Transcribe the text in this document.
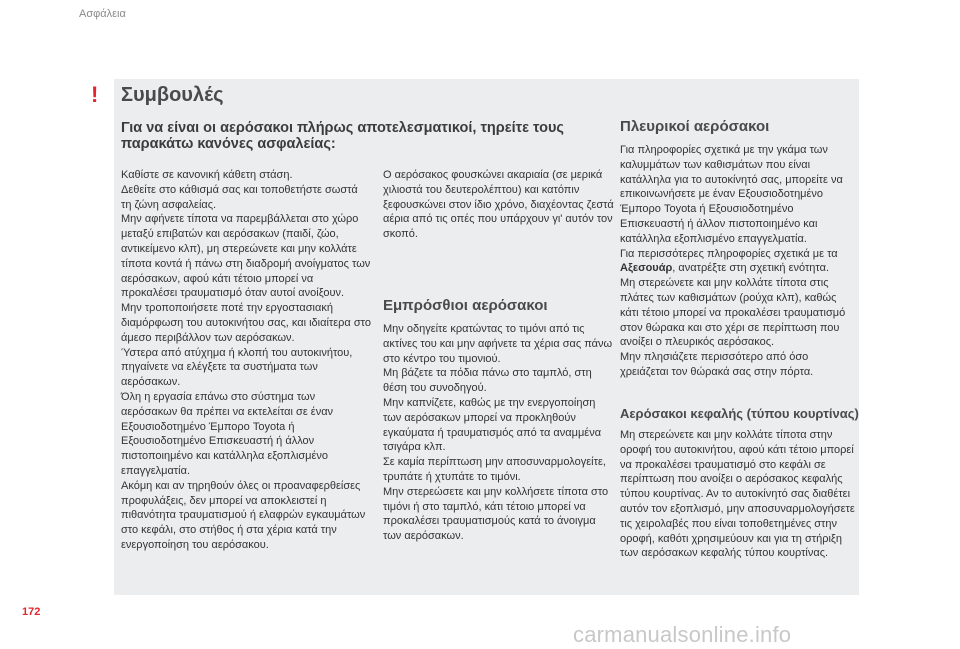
Ασφάλεια
! Συμβουλές
Για να είναι οι αερόσακοι πλήρως αποτελεσματικοί, τηρείτε τους παρακάτω κανόνες ασφαλείας:

Καθίστε σε κανονική κάθετη στάση.

Δεθείτε στο κάθισμά σας και τοποθετήστε σωστά τη ζώνη ασφαλείας.

Μην αφήνετε τίποτα να παρεμβάλλεται στο χώρο μεταξύ επιβατών και αερόσακων (παιδί, ζώο, αντικείμενο κλπ), μη στερεώνετε και μην κολλάτε τίποτα κοντά ή πάνω στη διαδρομή ανοίγματος των αερόσακων, αφού κάτι τέτοιο μπορεί να προκαλέσει τραυματισμό όταν αυτοί ανοίξουν.

Μην τροποποιήσετε ποτέ την εργοστασιακή διαμόρφωση του αυτοκινήτου σας, και ιδιαίτερα στο άμεσο περιβάλλον των αερόσακων.

Ύστερα από ατύχημα ή κλοπή του αυτοκινήτου, πηγαίνετε να ελέγξετε τα συστήματα των αερόσακων.

Όλη η εργασία επάνω στο σύστημα των αερόσακων θα πρέπει να εκτελείται σε έναν Εξουσιοδοτημένο Έμπορο Toyota ή Εξουσιοδοτημένο Επισκευαστή ή άλλον πιστοποιημένο και κατάλληλα εξοπλισμένο επαγγελματία.

Ακόμη και αν τηρηθούν όλες οι προαναφερθείσες προφυλάξεις, δεν μπορεί να αποκλειστεί η πιθανότητα τραυματισμού ή ελαφρών εγκαυμάτων στο κεφάλι, στο στήθος ή στα χέρια κατά την ενεργοποίηση του αερόσακου.

Ο αερόσακος φουσκώνει ακαριαία (σε μερικά χιλιοστά του δευτερολέπτου) και κατόπιν ξεφουσκώνει στον ίδιο χρόνο, διαχέοντας ζεστά αέρια από τις οπές που υπάρχουν γι' αυτόν τον σκοπό.

Εμπρόσθιοι αερόσακοι

Μην οδηγείτε κρατώντας το τιμόνι από τις ακτίνες του και μην αφήνετε τα χέρια σας πάνω στο κέντρο του τιμονιού.

Μη βάζετε τα πόδια πάνω στο ταμπλό, στη θέση του συνοδηγού.

Μην καπνίζετε, καθώς με την ενεργοποίηση των αερόσακων μπορεί να προκληθούν εγκαύματα ή τραυματισμός από τα αναμμένα τσιγάρα κλπ.

Σε καμία περίπτωση μην αποσυναρμολογείτε, τρυπάτε ή χτυπάτε το τιμόνι.

Μην στερεώσετε και μην κολλήσετε τίποτα στο τιμόνι ή στο ταμπλό, κάτι τέτοιο μπορεί να προκαλέσει τραυματισμούς κατά το άνοιγμα των αερόσακων.

Πλευρικοί αερόσακοι

Για πληροφορίες σχετικά με την γκάμα των καλυμμάτων των καθισμάτων που είναι κατάλληλα για το αυτοκίνητό σας, μπορείτε να επικοινωνήσετε με έναν Εξουσιοδοτημένο Έμπορο Toyota ή Εξουσιοδοτημένο Επισκευαστή ή άλλον πιστοποιημένο και κατάλληλα εξοπλισμένο επαγγελματία.

Για περισσότερες πληροφορίες σχετικά με τα Αξεσουάρ, ανατρέξτε στη σχετική ενότητα.

Μη στερεώνετε και μην κολλάτε τίποτα στις πλάτες των καθισμάτων (ρούχα κλπ), καθώς κάτι τέτοιο μπορεί να προκαλέσει τραυματισμό στον θώρακα και στο χέρι σε περίπτωση που ανοίξει ο πλευρικός αερόσακος.

Μην πλησιάζετε περισσότερο από όσο χρειάζεται τον θώρακά σας στην πόρτα.

Αερόσακοι κεφαλής (τύπου κουρτίνας)

Μη στερεώνετε και μην κολλάτε τίποτα στην οροφή του αυτοκινήτου, αφού κάτι τέτοιο μπορεί να προκαλέσει τραυματισμό στο κεφάλι σε περίπτωση που ανοίξει ο αερόσακος κεφαλής τύπου κουρτίνας. Αν το αυτοκίνητό σας διαθέτει αυτόν τον εξοπλισμό, μην αποσυναρμολογήσετε τις χειρολαβές που είναι τοποθετημένες στην οροφή, καθότι χρησιμεύουν και για τη στήριξη των αερόσακων κεφαλής τύπου κουρτίνας.

172
carmanualsonline.info
